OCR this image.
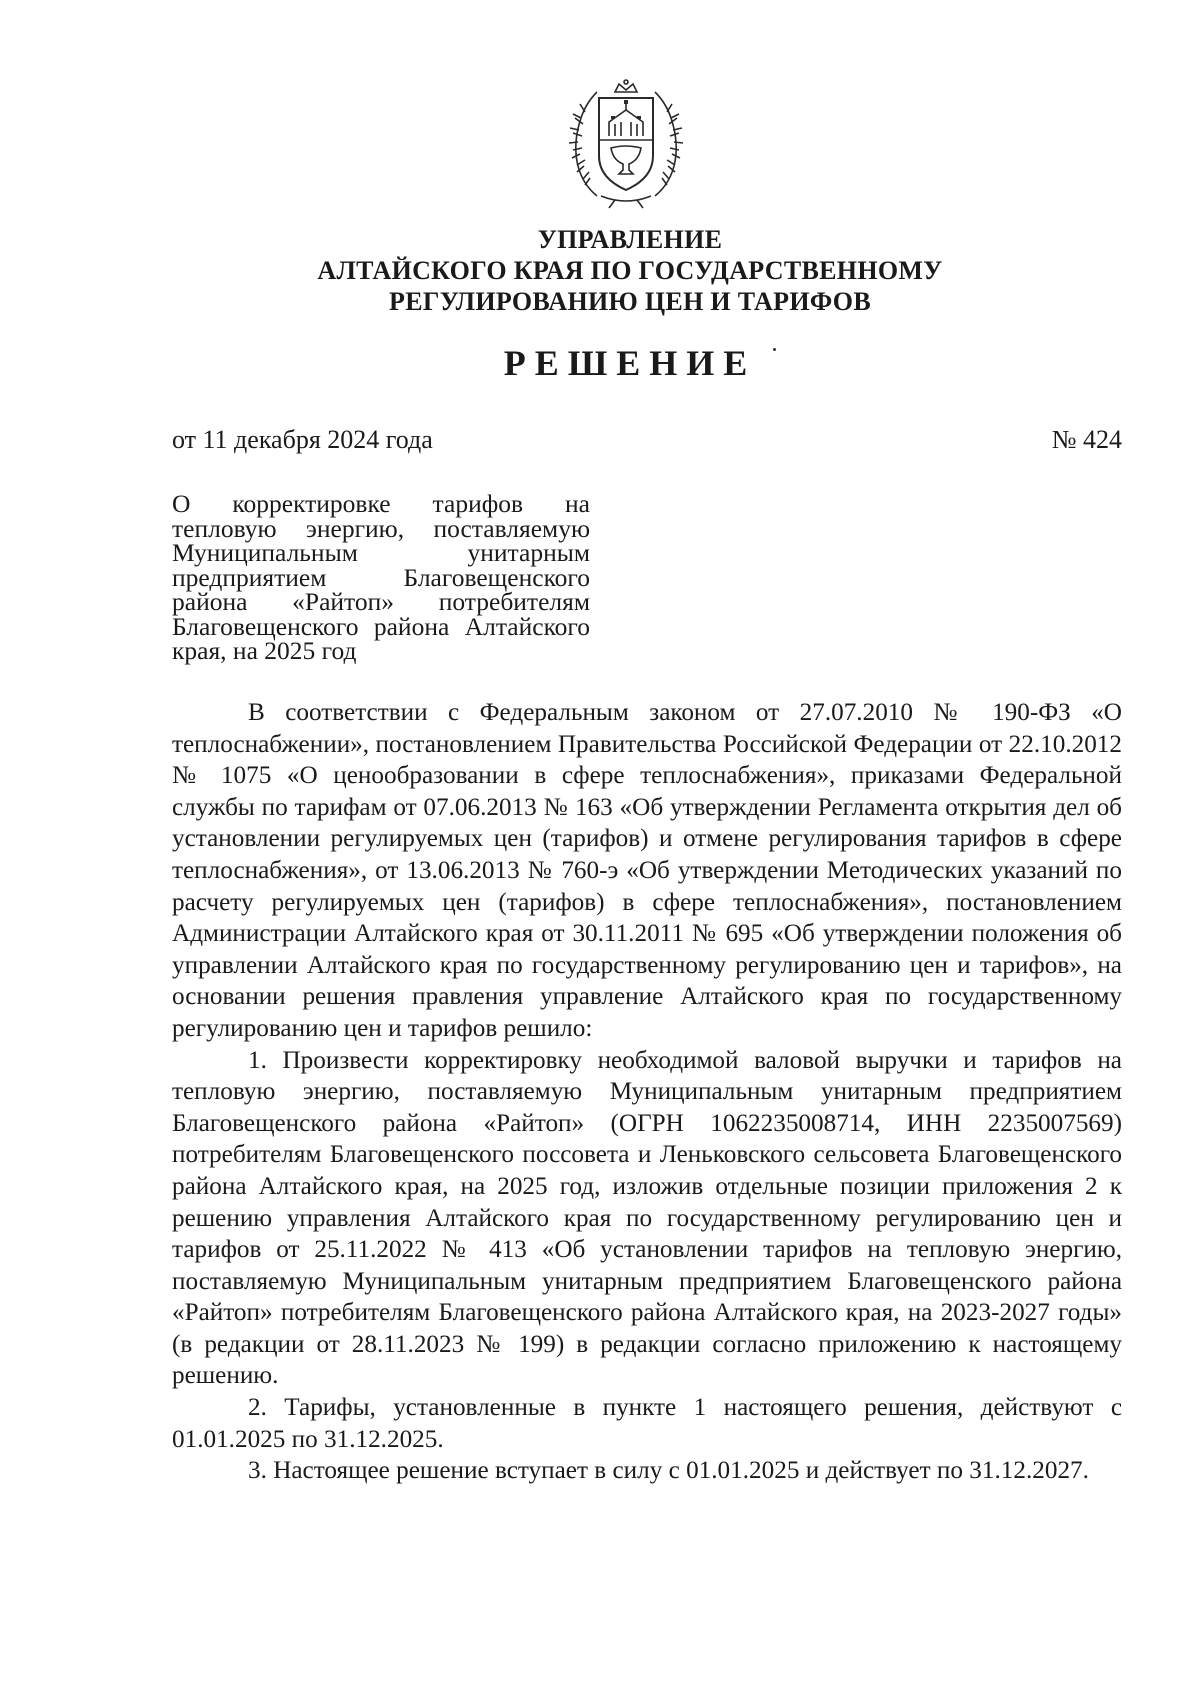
УПРАВЛЕНИЕ
АЛТАЙСКОГО КРАЯ ПО ГОСУДАРСТВЕННОМУ
РЕГУЛИРОВАНИЮ ЦЕН И ТАРИФОВ
РЕШЕНИЕ
от 11 декабря 2024 года	№ 424
О корректировке тарифов на тепловую энергию, поставляемую Муниципальным унитарным предприятием Благовещенского района «Райтоп» потребителям Благовещенского района Алтайского края, на 2025 год

В соответствии с Федеральным законом от 27.07.2010 № 190-ФЗ «О теплоснабжении», постановлением Правительства Российской Федерации от 22.10.2012 № 1075 «О ценообразовании в сфере теплоснабжения», приказами Федеральной службы по тарифам от 07.06.2013 № 163 «Об утверждении Регламента открытия дел об установлении регулируемых цен (тарифов) и отмене регулирования тарифов в сфере теплоснабжения», от 13.06.2013 № 760-э «Об утверждении Методических указаний по расчету регулируемых цен (тарифов) в сфере теплоснабжения», постановлением Администрации Алтайского края от 30.11.2011 № 695 «Об утверждении положения об управлении Алтайского края по государственному регулированию цен и тарифов», на основании решения правления управление Алтайского края по государственному регулированию цен и тарифов решило:

1. Произвести корректировку необходимой валовой выручки и тарифов на тепловую энергию, поставляемую Муниципальным унитарным предприятием Благовещенского района «Райтоп» (ОГРН 1062235008714, ИНН 2235007569) потребителям Благовещенского поссовета и Леньковского сельсовета Благовещенского района Алтайского края, на 2025 год, изложив отдельные позиции приложения 2 к решению управления Алтайского края по государственному регулированию цен и тарифов от 25.11.2022 № 413 «Об установлении тарифов на тепловую энергию, поставляемую Муниципальным унитарным предприятием Благовещенского района «Райтоп» потребителям Благовещенского района Алтайского края, на 2023-2027 годы» (в редакции от 28.11.2023 № 199) в редакции согласно приложению к настоящему решению.

2. Тарифы, установленные в пункте 1 настоящего решения, действуют с 01.01.2025 по 31.12.2025.

3. Настоящее решение вступает в силу с 01.01.2025 и действует по 31.12.2027.
